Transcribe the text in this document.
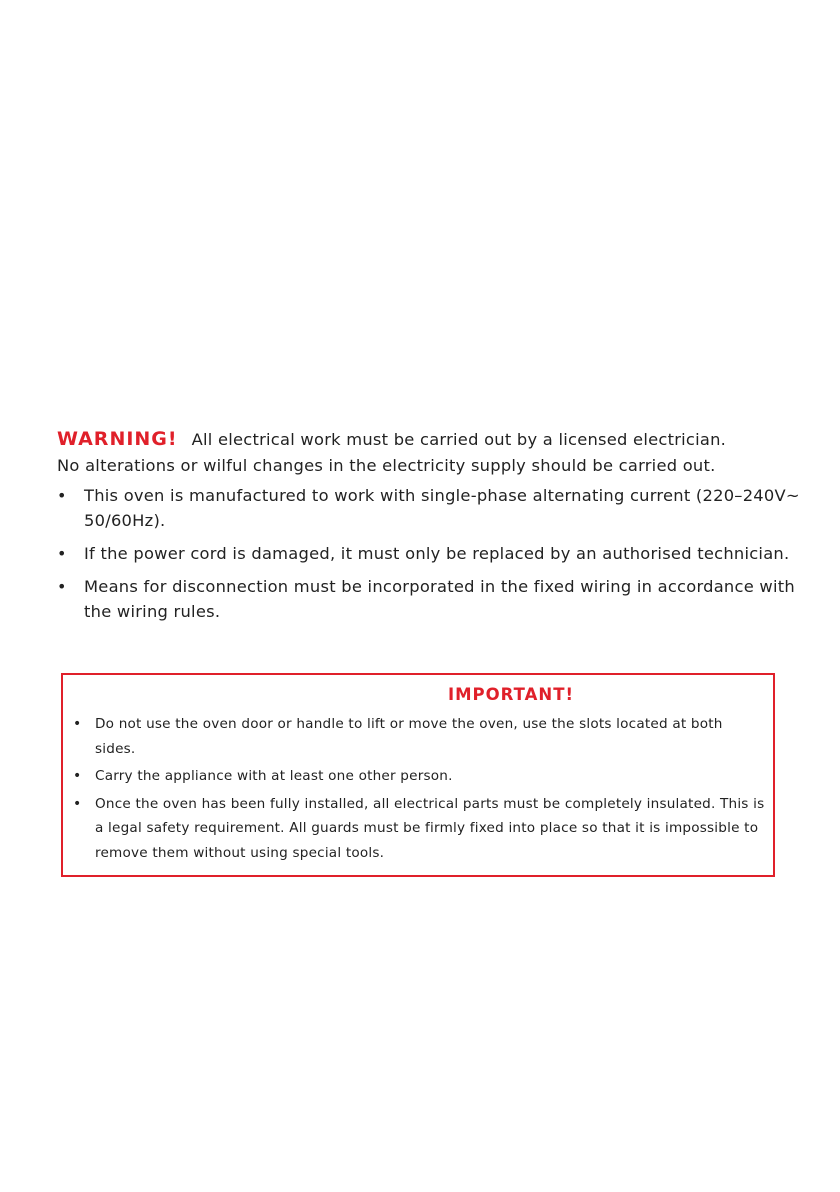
WARNING! All electrical work must be carried out by a licensed electrician.
No alterations or wilful changes in the electricity supply should be carried out.
• This oven is manufactured to work with single-phase alternating current (220–240V~ 50/60Hz).
• If the power cord is damaged, it must only be replaced by an authorised technician.
• Means for disconnection must be incorporated in the fixed wiring in accordance with the wiring rules.
IMPORTANT!
• Do not use the oven door or handle to lift or move the oven, use the slots located at both sides.
• Carry the appliance with at least one other person.
• Once the oven has been fully installed, all electrical parts must be completely insulated. This is a legal safety requirement. All guards must be firmly fixed into place so that it is impossible to remove them without using special tools.
